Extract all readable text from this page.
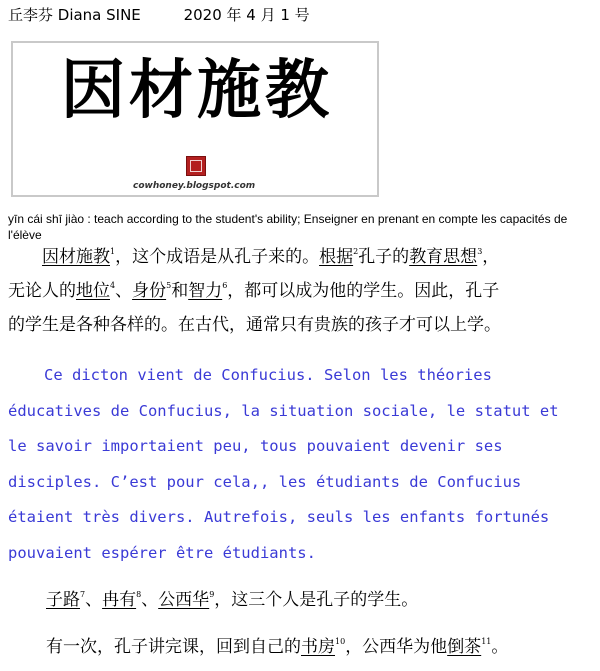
丘李芬 Diana SINE	2020 年 4 月 1 号
因材施教
cowhoney.blogspot.com
yīn cái shī jiào : teach according to the student's ability; Enseigner en prenant en compte les capacités de l'élève
因材施教$^1$，这个成语是从孔子来的。根据$^2$孔子的教育思想$^3$，
无论人的地位$^4$、身份$^5$和智力$^6$，都可以成为他的学生。因此，孔子
的学生是各种各样的。在古代，通常只有贵族的孩子才可以上学。
Ce dicton vient de Confucius. Selon les théories
éducatives de Confucius, la situation sociale, le statut et
le savoir importaient peu, tous pouvaient devenir ses
disciples. C’est pour cela,, les étudiants de Confucius
étaient très divers. Autrefois, seuls les enfants fortunés
pouvaient espérer être étudiants.
子路$^7$、冉有$^8$、公西华$^9$，这三个人是孔子的学生。
有一次，孔子讲完课，回到自己的书房$^{10}$，公西华为他倒茶$^{11}$。
